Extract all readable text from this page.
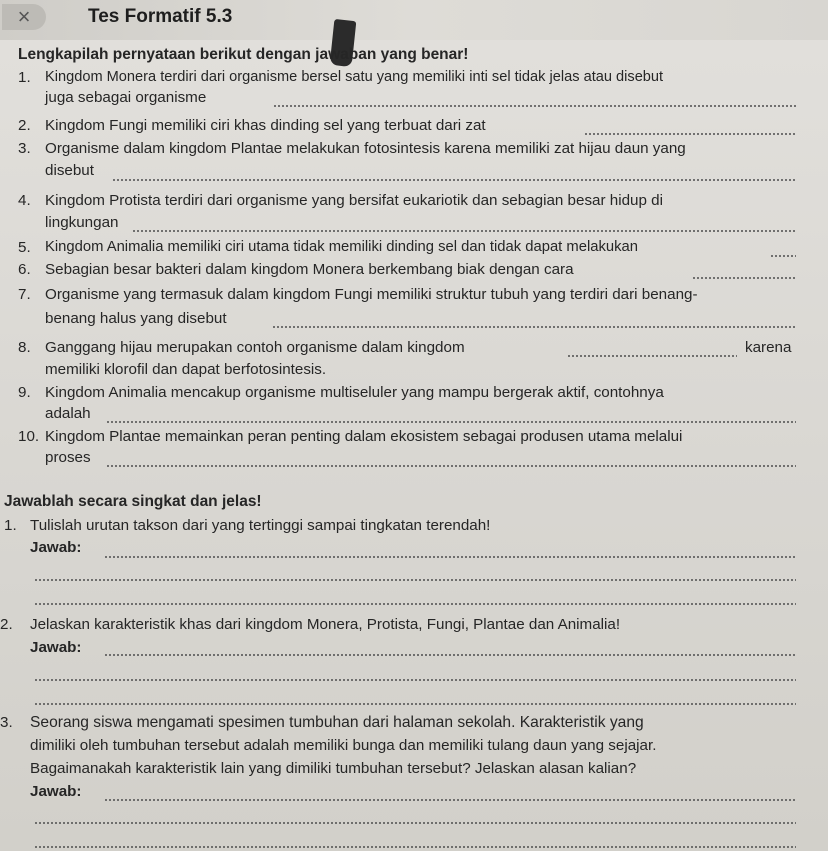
×	Tes Formatif 5.3
Lengkapilah pernyataan berikut dengan jawaban yang benar!
1. Kingdom Monera terdiri dari organisme bersel satu yang memiliki inti sel tidak jelas atau disebut
juga sebagai organisme
2. Kingdom Fungi memiliki ciri khas dinding sel yang terbuat dari zat
3. Organisme dalam kingdom Plantae melakukan fotosintesis karena memiliki zat hijau daun yang
disebut
4. Kingdom Protista terdiri dari organisme yang bersifat eukariotik dan sebagian besar hidup di
lingkungan
5. Kingdom Animalia memiliki ciri utama tidak memiliki dinding sel dan tidak dapat melakukan
6. Sebagian besar bakteri dalam kingdom Monera berkembang biak dengan cara
7. Organisme yang termasuk dalam kingdom Fungi memiliki struktur tubuh yang terdiri dari benang-
benang halus yang disebut
8. Ganggang hijau merupakan contoh organisme dalam kingdom	karena
memiliki klorofil dan dapat berfotosintesis.
9. Kingdom Animalia mencakup organisme multiseluler yang mampu bergerak aktif, contohnya
adalah
10. Kingdom Plantae memainkan peran penting dalam ekosistem sebagai produsen utama melalui
proses
Jawablah secara singkat dan jelas!
1. Tulislah urutan takson dari yang tertinggi sampai tingkatan terendah!
Jawab:
2. Jelaskan karakteristik khas dari kingdom Monera, Protista, Fungi, Plantae dan Animalia!
Jawab:
3. Seorang siswa mengamati spesimen tumbuhan dari halaman sekolah. Karakteristik yang
dimiliki oleh tumbuhan tersebut adalah memiliki bunga dan memiliki tulang daun yang sejajar.
Bagaimanakah karakteristik lain yang dimiliki tumbuhan tersebut? Jelaskan alasan kalian?
Jawab:
